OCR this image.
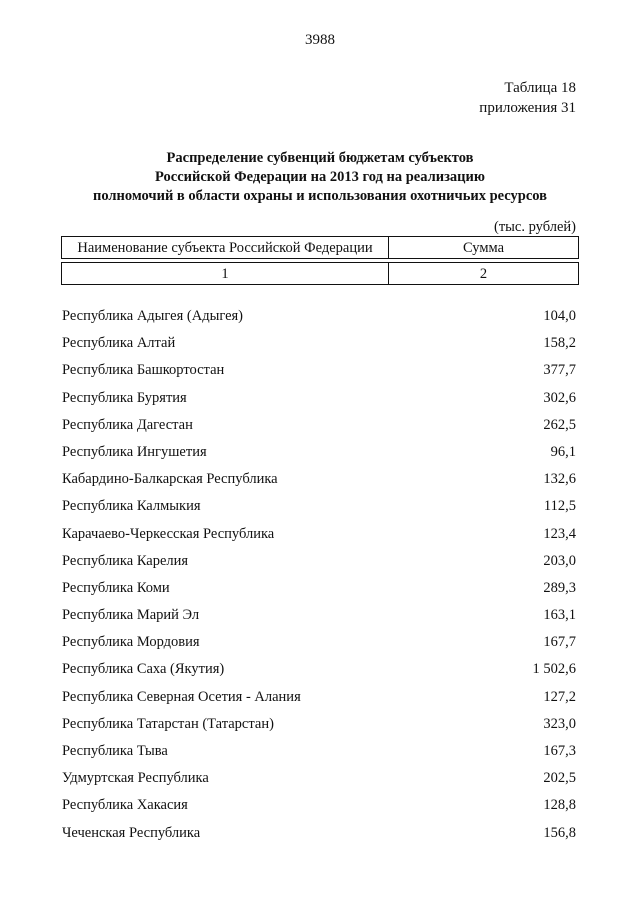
3988
Таблица 18
приложения 31
Распределение субвенций бюджетам субъектов
Российской Федерации на 2013 год на реализацию
полномочий в области охраны и использования охотничьих ресурсов
(тыс. рублей)
Наименование субъекта Российской Федерации	Сумма
1	2
Республика Адыгея (Адыгея)	104,0
Республика Алтай	158,2
Республика Башкортостан	377,7
Республика Бурятия	302,6
Республика Дагестан	262,5
Республика Ингушетия	96,1
Кабардино-Балкарская Республика	132,6
Республика Калмыкия	112,5
Карачаево-Черкесская Республика	123,4
Республика Карелия	203,0
Республика Коми	289,3
Республика Марий Эл	163,1
Республика Мордовия	167,7
Республика Саха (Якутия)	1 502,6
Республика Северная Осетия - Алания	127,2
Республика Татарстан (Татарстан)	323,0
Республика Тыва	167,3
Удмуртская Республика	202,5
Республика Хакасия	128,8
Чеченская Республика	156,8
